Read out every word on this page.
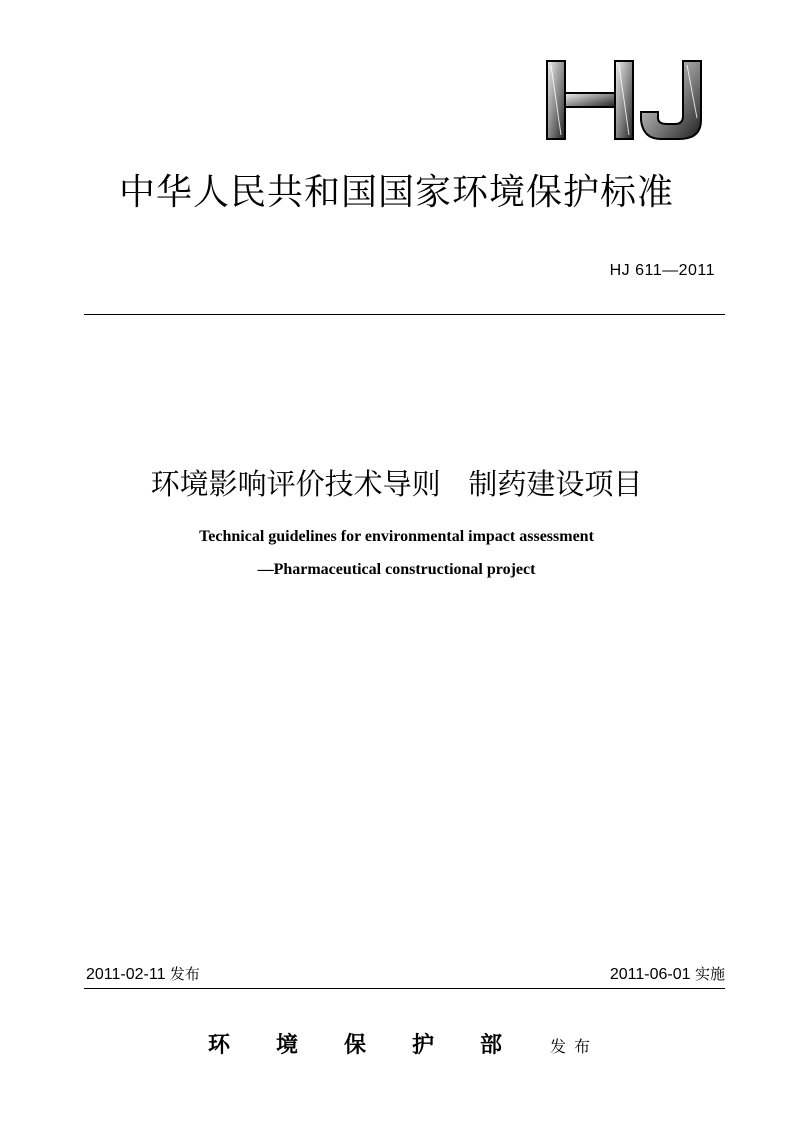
中华人民共和国国家环境保护标准
HJ 611—2011
环境影响评价技术导则   制药建设项目
Technical guidelines for environmental impact assessment
—Pharmaceutical constructional project
2011-02-11 发布	2011-06-01 实施
环境保护部 发布
